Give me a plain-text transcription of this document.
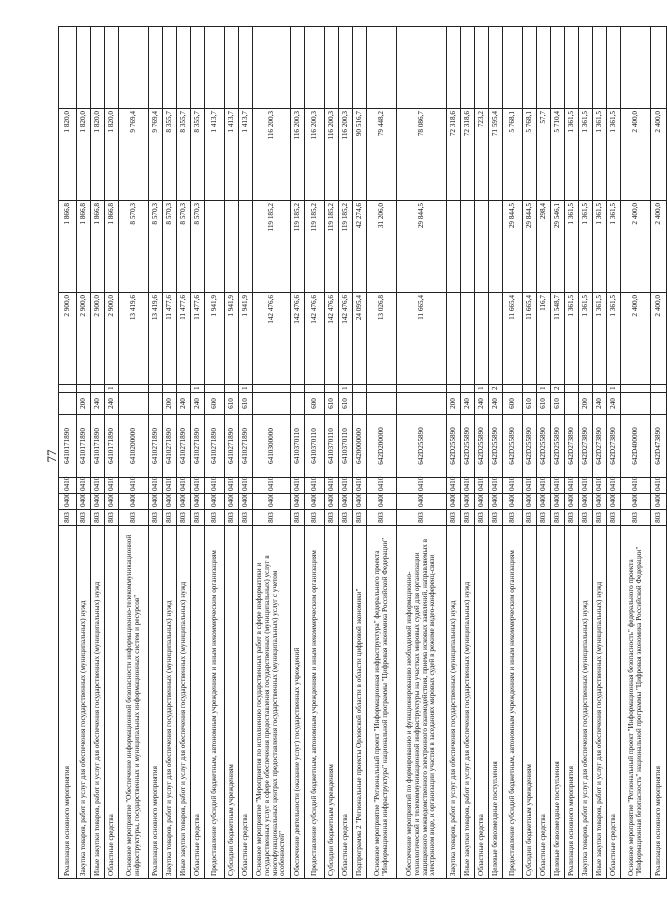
77
Реализация основного мероприятия	803	0400	0410	6410171890			2 900,0	1 866,8	1 820,0	
Закупка товаров, работ и услуг для обеспечения государственных (муниципальных) нужд	803	0400	0410	6410171890	200		2 900,0	1 866,8	1 820,0	
Иные закупки товаров, работ и услуг для обеспечения государственных (муниципальных) нужд	803	0400	0410	6410171890	240		2 900,0	1 866,8	1 820,0	
Областные средства	803	0400	0410	6410171890	240	1	2 900,0	1 866,8	1 820,0	
Основное мероприятие "Обеспечение информационной безопасности информационно-телекоммуникационной инфраструктуры, государственных и муниципальных информационных систем и ресурсов"	803	0400	0410	6410200000			13 419,6	8 570,3	9 769,4	
Реализация основного мероприятия	803	0400	0410	6410271890			13 419,6	8 570,3	9 769,4	
Закупка товаров, работ и услуг для обеспечения государственных (муниципальных) нужд	803	0400	0410	6410271890	200		11 477,6	8 570,3	8 355,7	
Иные закупки товаров, работ и услуг для обеспечения государственных (муниципальных) нужд	803	0400	0410	6410271890	240		11 477,6	8 570,3	8 355,7	
Областные средства	803	0400	0410	6410271890	240	1	11 477,6	8 570,3	8 355,7	
Предоставление субсидий бюджетным, автономным учреждениям и иным некоммерческим организациям	803	0400	0410	6410271890	600		1 941,9		1 413,7	
Субсидии бюджетным учреждениям	803	0400	0410	6410271890	610		1 941,9		1 413,7	
Областные средства	803	0400	0410	6410271890	610	1	1 941,9		1 413,7	
Основное мероприятие "Мероприятия по исполнению государственных работ в сфере информатики и государственных услуг в сфере обеспечения предоставления государственных (муниципальных) услуг в многофункциональных центрах предоставления государственных (муниципальных) услуг с учетом особенностей"	803	0400	0410	6410300000			142 476,6	119 185,2	116 200,3	
Обеспечение деятельности (оказание услуг) государственных учреждений	803	0400	0410	6410370110			142 476,6	119 185,2	116 200,3	
Предоставление субсидий бюджетным, автономным учреждениям и иным некоммерческим организациям	803	0400	0410	6410370110	600		142 476,6	119 185,2	116 200,3	
Субсидии бюджетным учреждениям	803	0400	0410	6410370110	610		142 476,6	119 185,2	116 200,3	
Областные средства	803	0400	0410	6410370110	610	1	142 476,6	119 185,2	116 200,3	
Подпрограмма 2 "Региональные проекты Орловской области в области цифровой экономики"	803	0400	0410	6420000000			24 095,4	42 274,6	90 516,7	
Основное мероприятие "Региональный проект "Информационная инфраструктура" федерального проекта "Информационная инфраструктура" национальной программы "Цифровая экономика Российской Федерации"	803	0400	0410	642D200000			13 026,8	31 206,0	79 448,2	
Обеспечение мероприятий по формированию и функционированию необходимой информационно-технологической и телекоммуникационной инфраструктуры на участках мировых судей для организации защищенного межведомственного электронного взаимодействия, приема исковых заявлений, направляемых в электронном виде, и организации участия в заседаниях мировых судей в режиме видео-конференц-связи	803	0400	0410	642D255890			11 665,4	29 844,5	78 086,7	
Закупка товаров, работ и услуг для обеспечения государственных (муниципальных) нужд	803	0400	0410	642D255890	200				72 318,6	
Иные закупки товаров, работ и услуг для обеспечения государственных (муниципальных) нужд	803	0400	0410	642D255890	240				72 318,6	
Областные средства	803	0400	0410	642D255890	240	1			723,2	
Целевые безвозмездные поступления	803	0400	0410	642D255890	240	2			71 595,4	
Предоставление субсидий бюджетным, автономным учреждениям и иным некоммерческим организациям	803	0400	0410	642D255890	600		11 665,4	29 844,5	5 768,1	
Субсидии бюджетным учреждениям	803	0400	0410	642D255890	610		11 665,4	29 844,5	5 768,1	
Областные средства	803	0400	0410	642D255890	610	1	116,7	298,4	57,7	
Целевые безвозмездные поступления	803	0400	0410	642D255890	610	2	11 548,7	29 546,1	5 710,4	
Реализация основного мероприятия	803	0400	0410	642D273890			1 361,5	1 361,5	1 361,5	
Закупка товаров, работ и услуг для обеспечения государственных (муниципальных) нужд	803	0400	0410	642D273890	200		1 361,5	1 361,5	1 361,5	
Иные закупки товаров, работ и услуг для обеспечения государственных (муниципальных) нужд	803	0400	0410	642D273890	240		1 361,5	1 361,5	1 361,5	
Областные средства	803	0400	0410	642D273890	240	1	1 361,5	1 361,5	1 361,5	
Основное мероприятие "Региональный проект "Информационная безопасность" федерального проекта "Информационная безопасность" национальной программы "Цифровая экономика Российской Федерации"	803	0400	0410	642D400000			2 400,0	2 400,0	2 400,0	
Реализация основного мероприятия	803	0400	0410	642D473890			2 400,0	2 400,0	2 400,0	
